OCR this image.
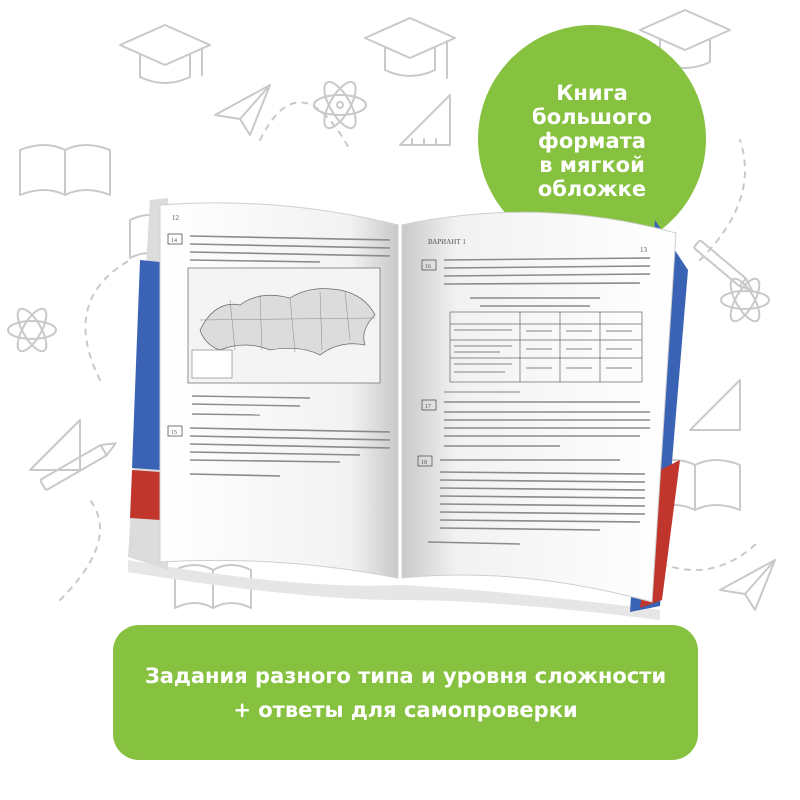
Книга
большого
формата
в мягкой
обложке
12
14
15
ВАРИАНТ 1
13
16
17
18
Задания разного типа и уровня сложности
+ ответы для самопроверки
